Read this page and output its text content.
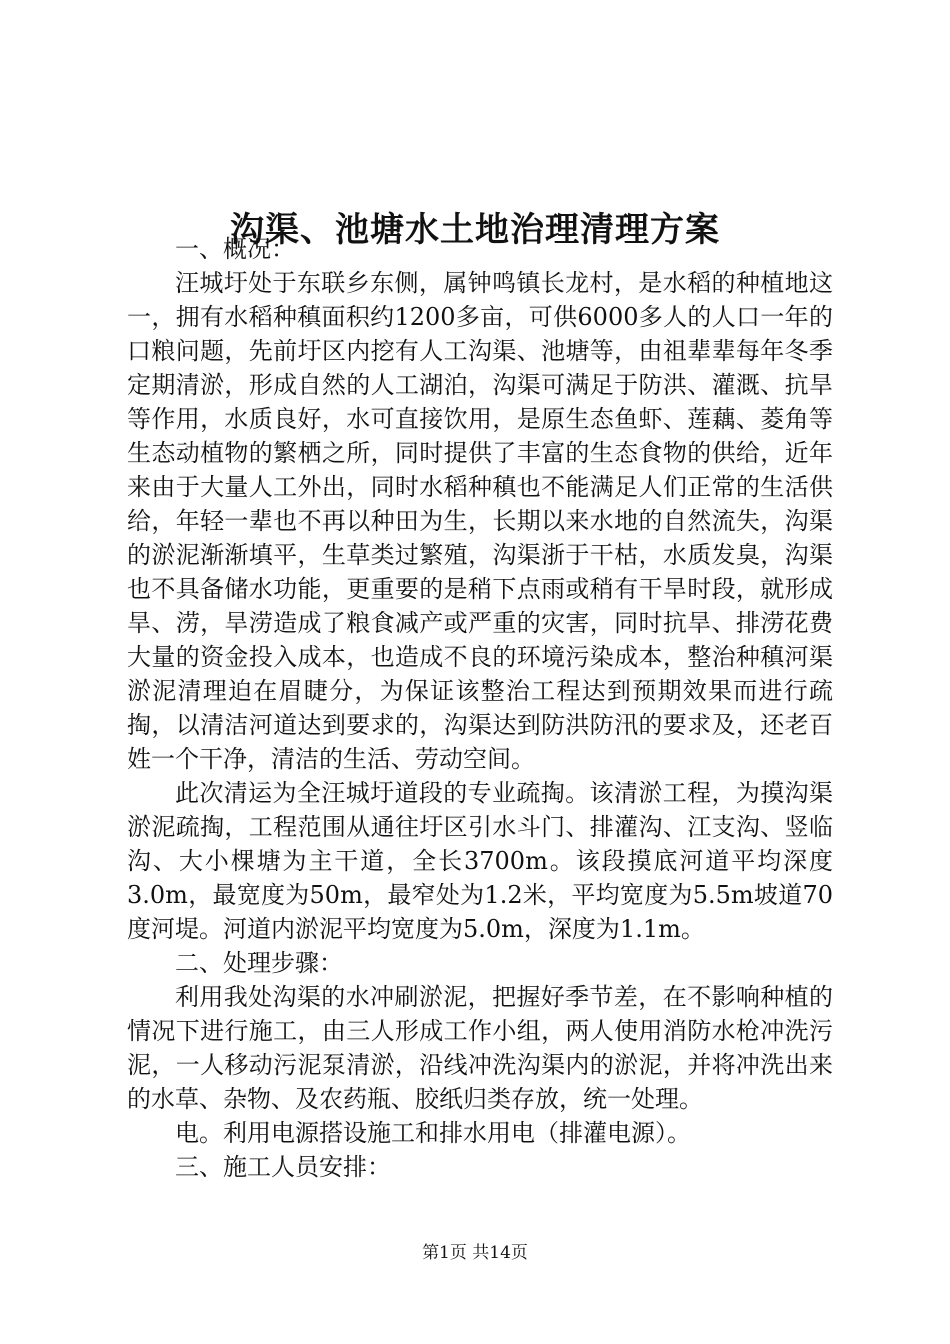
沟渠、池塘水土地治理清理方案

一、概况：

汪城圩处于东联乡东侧，属钟鸣镇长龙村，是水稻的种植地这一，拥有水稻种稹面积约1200多亩，可供6000多人的人口一年的口粮问题，先前圩区内挖有人工沟渠、池塘等，由祖辈辈每年冬季定期清淤，形成自然的人工湖泊，沟渠可满足于防洪、灌溉、抗旱等作用，水质良好，水可直接饮用，是原生态鱼虾、莲藕、菱角等生态动植物的繁栖之所，同时提供了丰富的生态食物的供给，近年来由于大量人工外出，同时水稻种稹也不能满足人们正常的生活供给，年轻一辈也不再以种田为生，长期以来水地的自然流失，沟渠的淤泥渐渐填平，生草类过繁殖，沟渠浙于干枯，水质发臭，沟渠也不具备储水功能，更重要的是稍下点雨或稍有干旱时段，就形成旱、涝，旱涝造成了粮食减产或严重的灾害，同时抗旱、排涝花费大量的资金投入成本，也造成不良的环境污染成本，整治种稹河渠淤泥清理迫在眉睫分，为保证该整治工程达到预期效果而进行疏掏，以清洁河道达到要求的，沟渠达到防洪防汛的要求及，还老百姓一个干净，清洁的生活、劳动空间。

此次清运为全汪城圩道段的专业疏掏。该清淤工程，为摸沟渠淤泥疏掏，工程范围从通往圩区引水斗门、排灌沟、江支沟、竖临沟、大小棵塘为主干道，全长3700m。该段摸底河道平均深度3.0m，最宽度为50m，最窄处为1.2米，平均宽度为5.5m坡道70度河堤。河道内淤泥平均宽度为5.0m，深度为1.1m。

二、处理步骤：

利用我处沟渠的水冲刷淤泥，把握好季节差，在不影响种植的情况下进行施工，由三人形成工作小组，两人使用消防水枪冲洗污泥，一人移动污泥泵清淤，沿线冲洗沟渠内的淤泥，并将冲洗出来的水草、杂物、及农药瓶、胶纸归类存放，统一处理。

电。利用电源搭设施工和排水用电（排灌电源）。

三、施工人员安排：

第1页 共14页
